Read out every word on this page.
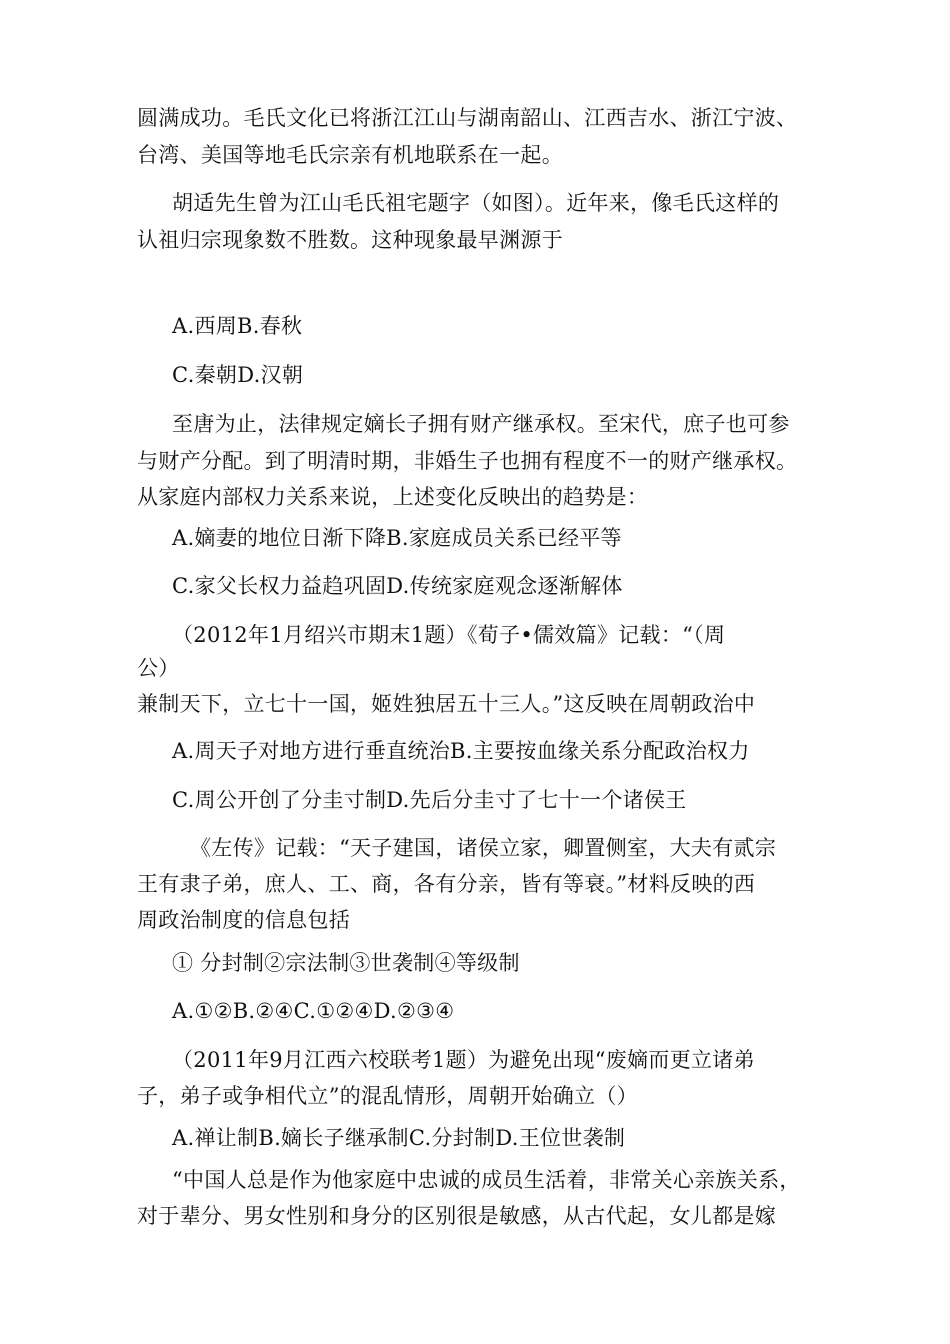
圆满成功。毛氏文化已将浙江江山与湖南韶山、江西吉水、浙江宁波、
台湾、美国等地毛氏宗亲有机地联系在一起。
胡适先生曾为江山毛氏祖宅题字（如图）。近年来，像毛氏这样的
认祖归宗现象数不胜数。这种现象最早渊源于
A.西周B.春秋
C.秦朝D.汉朝
至唐为止，法律规定嫡长子拥有财产继承权。至宋代，庶子也可参
与财产分配。到了明清时期，非婚生子也拥有程度不一的财产继承权。
从家庭内部权力关系来说，上述变化反映出的趋势是：
A.嫡妻的地位日渐下降B.家庭成员关系已经平等
C.家父长权力益趋巩固D.传统家庭观念逐渐解体
（2012年1月绍兴市期末1题）《荀子•儒效篇》记载：“（周
公）
兼制天下，立七十一国，姬姓独居五十三人。”这反映在周朝政治中
A.周天子对地方进行垂直统治B.主要按血缘关系分配政治权力
C.周公开创了分圭寸制D.先后分圭寸了七十一个诸侯王
《左传》记载：“天子建国，诸侯立家，卿置侧室，大夫有贰宗
王有隶子弟，庶人、工、商，各有分亲，皆有等衰。”材料反映的西
周政治制度的信息包括
① 分封制②宗法制③世袭制④等级制
A.①②B.②④C.①②④D.②③④
（2011年9月江西六校联考1题）为避免出现“废嫡而更立诸弟
子，弟子或争相代立”的混乱情形，周朝开始确立（）
A.禅让制B.嫡长子继承制C.分封制D.王位世袭制
“中国人总是作为他家庭中忠诚的成员生活着，非常关心亲族关系，
对于辈分、男女性别和身分的区别很是敏感，从古代起，女儿都是嫁
